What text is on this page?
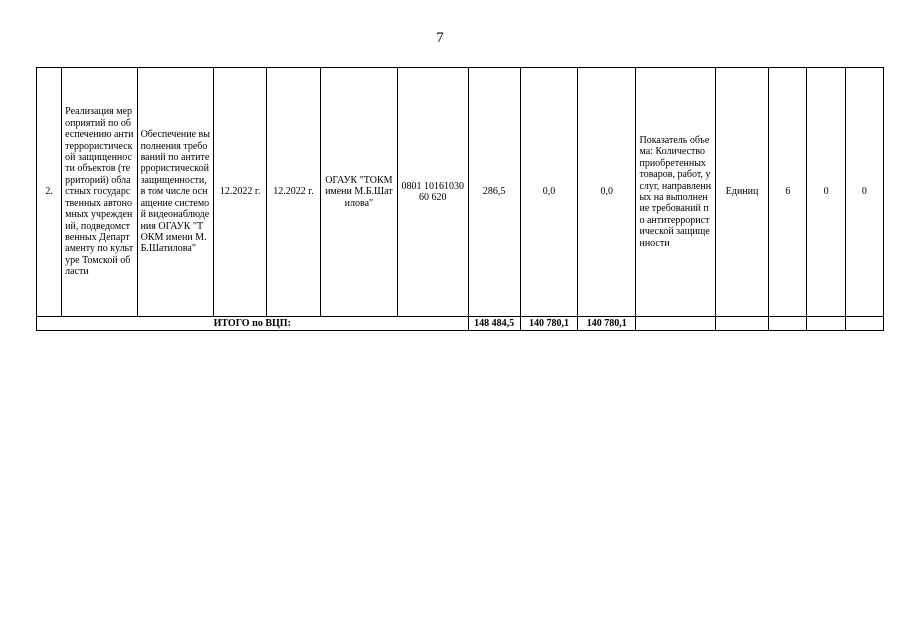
7
2.	Реализация мероприятий по обеспечению антитеррористической защищенности объектов (территорий) областных государственных автономных учреждений, подведомственных Департаменту по культуре Томской области	Обеспечение выполнения требований по антитеррористической защищенности, в том числе оснащение системой видеонаблюдения ОГАУК "ТОКМ имени М.Б.Шатилова"	12.2022 г.	12.2022 г.	ОГАУК "ТОКМ имени М.Б.Шатилова"	0801 1016103060 620	286,5	0,0	0,0	Показатель объема: Количество приобретенных товаров, работ, услуг, направленных на выполнение требований по антитеррористической защищенности	Единиц	6	0	0
ИТОГО по ВЦП:							148 484,5	140 780,1	140 780,1					
